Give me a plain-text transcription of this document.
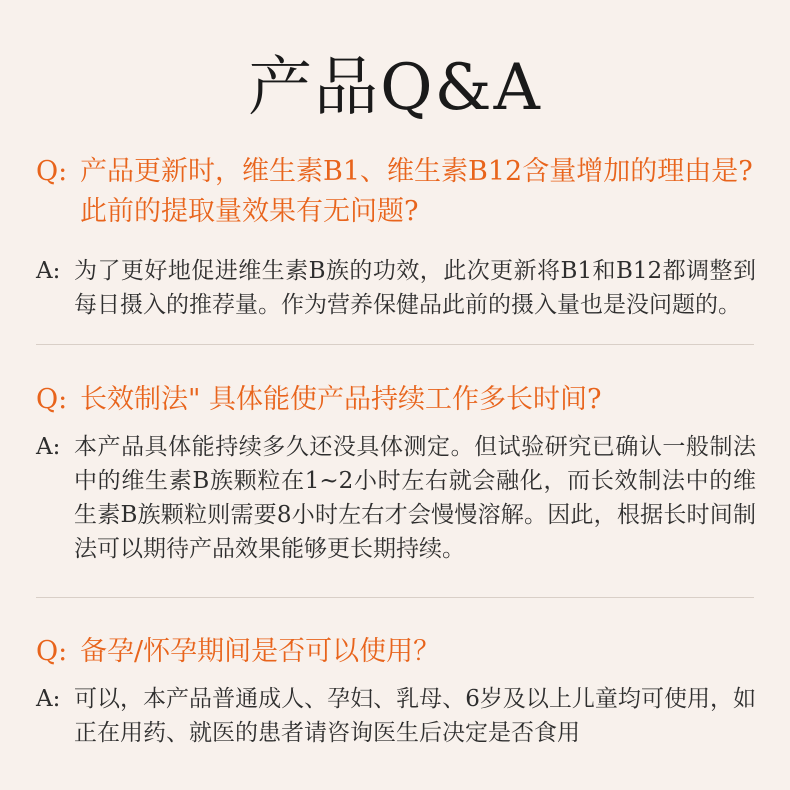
产品Q&A
Q: 产品更新时，维生素B1、维生素B12含量增加的理由是?此前的提取量效果有无问题?
A: 为了更好地促进维生素B族的功效，此次更新将B1和B12都调整到每日摄入的推荐量。作为营养保健品此前的摄入量也是没问题的。
Q: 长效制法" 具体能使产品持续工作多长时间?
A: 本产品具体能持续多久还没具体测定。但试验研究已确认一般制法中的维生素B族颗粒在1~2小时左右就会融化，而长效制法中的维生素B族颗粒则需要8小时左右才会慢慢溶解。因此，根据长时间制法可以期待产品效果能够更长期持续。
Q: 备孕/怀孕期间是否可以使用？
A: 可以，本产品普通成人、孕妇、乳母、6岁及以上儿童均可使用，如正在用药、就医的患者请咨询医生后决定是否食用
